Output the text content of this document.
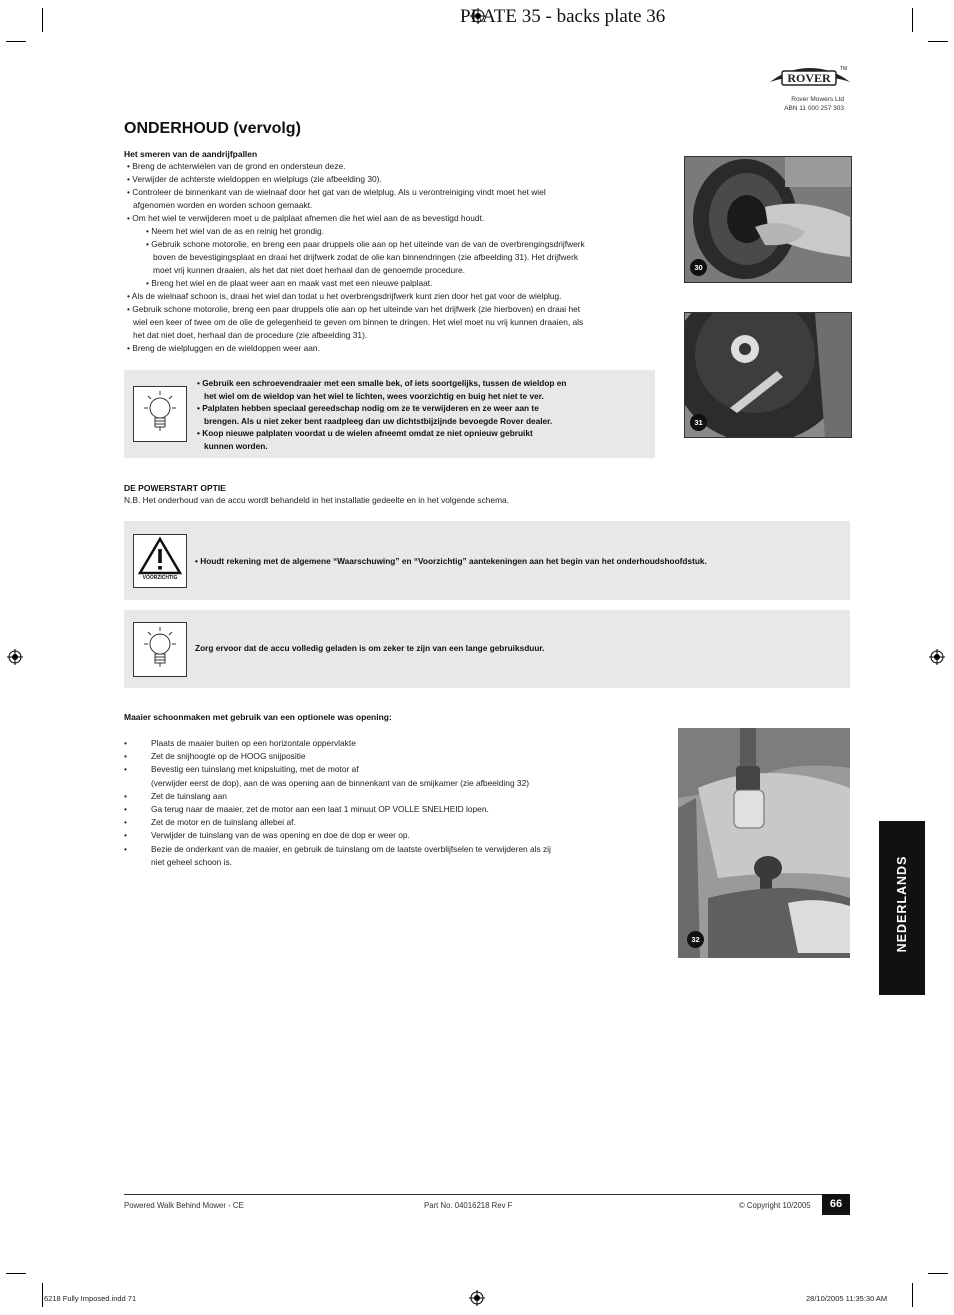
PLATE 35 - backs plate 36
ROVER
TM
Rover Mowers Ltd
ABN 11 000 257 303
ONDERHOUD (vervolg)
Het smeren van de aandrijfpallen

• Breng de achterwielen van de grond en ondersteun deze.

• Verwijder de achterste wieldoppen en wielplugs (zie afbeelding 30).

• Controleer de binnenkant van de wielnaaf door het gat van de wielplug. Als u verontreiniging vindt moet het wiel

afgenomen worden en worden schoon gemaakt.

• Om het wiel te verwijderen moet u de palplaat afnemen die het wiel aan de as bevestigd houdt.

• Neem het wiel van de as en reinig het grondig.

• Gebruik schone motorolie, en breng een paar druppels olie aan op het uiteinde van de van de overbrengingsdrijfwerk

boven de bevestigingsplaat en draai het drijfwerk zodat de olie kan binnendringen (zie afbeelding 31). Het drijfwerk

moet vrij kunnen draaien, als het dat niet doet herhaal dan de genoemde procedure.

• Breng het wiel en de plaat weer aan en maak vast met een nieuwe palplaat.

• Als de wielnaaf schoon is, draai het wiel dan todat u het overbrengsdrijfwerk kunt zien door het gat voor de wielplug.

• Gebruik schone motorolie, breng een paar druppels olie aan op het uiteinde van het drijfwerk (zie hierboven) en draai het

wiel een keer of twee om de olie de gelegenheid te geven om binnen te dringen. Het wiel moet nu vrij kunnen draaien, als

het dat niet doet, herhaal dan de procedure (zie afbeelding 31).

• Breng de wielpluggen en de wieldoppen weer aan.

30
31
• Gebruik een schroevendraaier met een smalle bek, of iets soortgelijks, tussen de wieldop en
het wiel om de wieldop van het wiel te lichten, wees voorzichtig en buig het niet te ver.
• Palplaten hebben speciaal gereedschap nodig om ze te verwijderen en ze weer aan te
brengen. Als u niet zeker bent raadpleeg dan uw dichtstbijzijnde bevoegde Rover dealer.
• Koop nieuwe palplaten voordat u de wielen afneemt omdat ze niet opnieuw gebruikt
kunnen worden.
DE POWERSTART OPTIE
N.B. Het onderhoud van de accu wordt behandeld in het installatie gedeelte en in het volgende schema.
VOORZICHTIG
• Houdt rekening met de algemene “Waarschuwing” en “Voorzichtig” aantekeningen aan het begin van het onderhoudshoofdstuk.
Zorg ervoor dat de accu volledig geladen is om zeker te zijn van een lange gebruiksduur.
Maaier schoonmaken met gebruik van een optionele was opening:
•	Plaats de maaier buiten op een horizontale oppervlakte
•	Zet de snijhoogte op de HOOG snijpositie
•	Bevestig een tuinslang met knipsluiting, met de motor af
(verwijder eerst de dop), aan de was opening aan de binnenkant van de smijkamer (zie afbeelding 32)
•	Zet de tuinslang aan
•	Ga terug naar de maaier, zet de motor aan een laat 1 minuut OP VOLLE SNELHEID lopen.
•	Zet de motor en de tuinslang allebei af.
•	Verwijder de tuinslang van de was opening en doe de dop er weer op.
•	Bezie de onderkant van de maaier, en gebruik de tuinslang om de laatste overblijfselen te verwijderen als zij
niet geheel schoon is.
32	NEDERLANDS
Powered Walk Behind Mower - CE	Part No. 04016218 Rev F	© Copyright 10/2005	66
6218 Fully Imposed.indd 71	28/10/2005 11:35:30 AM
